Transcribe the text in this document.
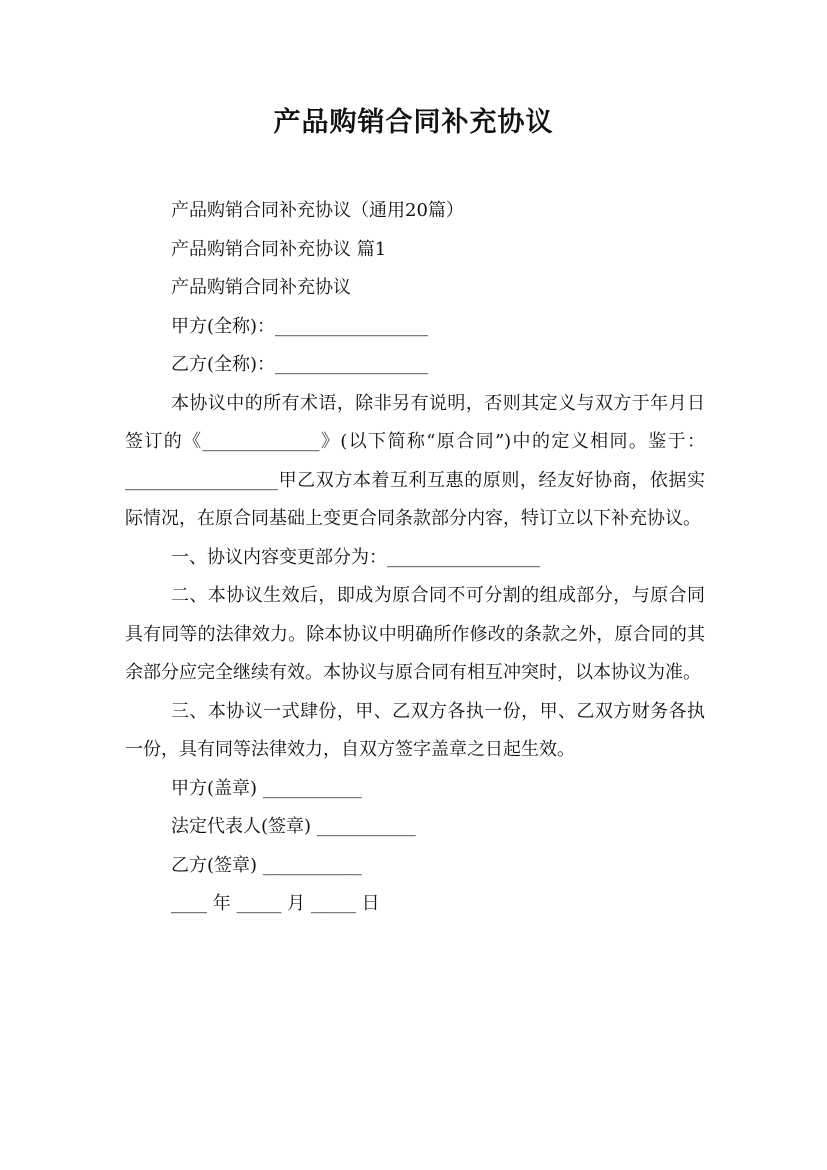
产品购销合同补充协议
产品购销合同补充协议（通用20篇）
产品购销合同补充协议 篇1
产品购销合同补充协议
甲方(全称)：_________________
乙方(全称)：_________________
本协议中的所有术语，除非另有说明，否则其定义与双方于年月日签订的《_____________》(以下简称“原合同”)中的定义相同。鉴于：_________________甲乙双方本着互利互惠的原则，经友好协商，依据实际情况，在原合同基础上变更合同条款部分内容，特订立以下补充协议。
一、协议内容变更部分为：_________________
二、本协议生效后，即成为原合同不可分割的组成部分，与原合同具有同等的法律效力。除本协议中明确所作修改的条款之外，原合同的其余部分应完全继续有效。本协议与原合同有相互冲突时，以本协议为准。
三、本协议一式肆份，甲、乙双方各执一份，甲、乙双方财务各执一份，具有同等法律效力，自双方签字盖章之日起生效。
甲方(盖章) ___________
法定代表人(签章) ___________
乙方(签章) ___________
____ 年 _____ 月 _____ 日
